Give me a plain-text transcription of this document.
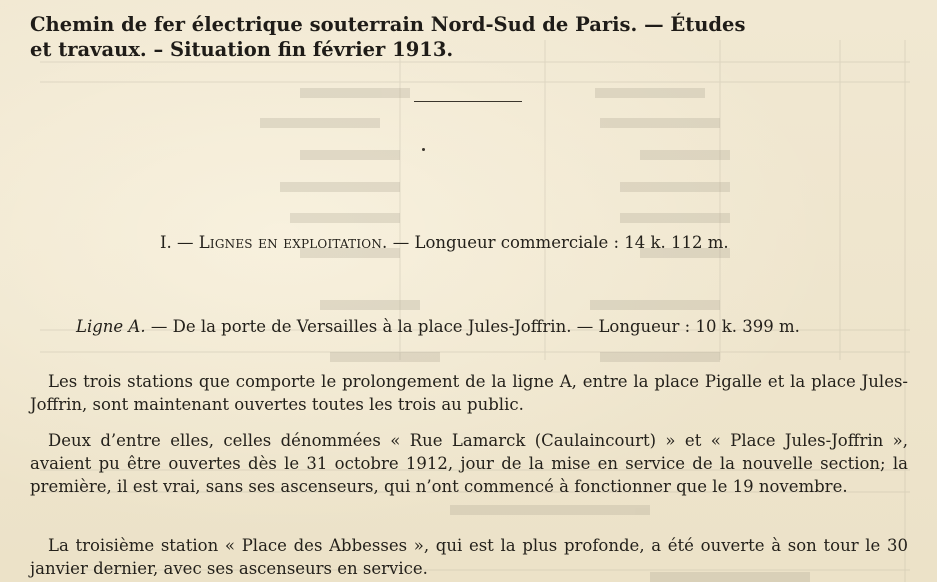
Chemin de fer électrique souterrain Nord-Sud de Paris. — Études
et travaux. – Situation fin février 1913.
I. — Lignes en exploitation. — Longueur commerciale : 14 k. 112 m.
Ligne A. — De la porte de Versailles à la place Jules-Joffrin. — Longueur : 10 k. 399 m.

Les trois stations que comporte le prolongement de la ligne A, entre la place Pigalle et la place Jules-Joffrin, sont maintenant ouvertes toutes les trois au public.

Deux d’entre elles, celles dénommées « Rue Lamarck (Caulaincourt) » et « Place Jules-Joffrin », avaient pu être ouvertes dès le 31 octobre 1912, jour de la mise en service de la nouvelle section; la première, il est vrai, sans ses ascenseurs, qui n’ont commencé à fonctionner que le 19 novembre.

La troisième station « Place des Abbesses », qui est la plus profonde, a été ouverte à son tour le 30 janvier dernier, avec ses ascenseurs en service.
